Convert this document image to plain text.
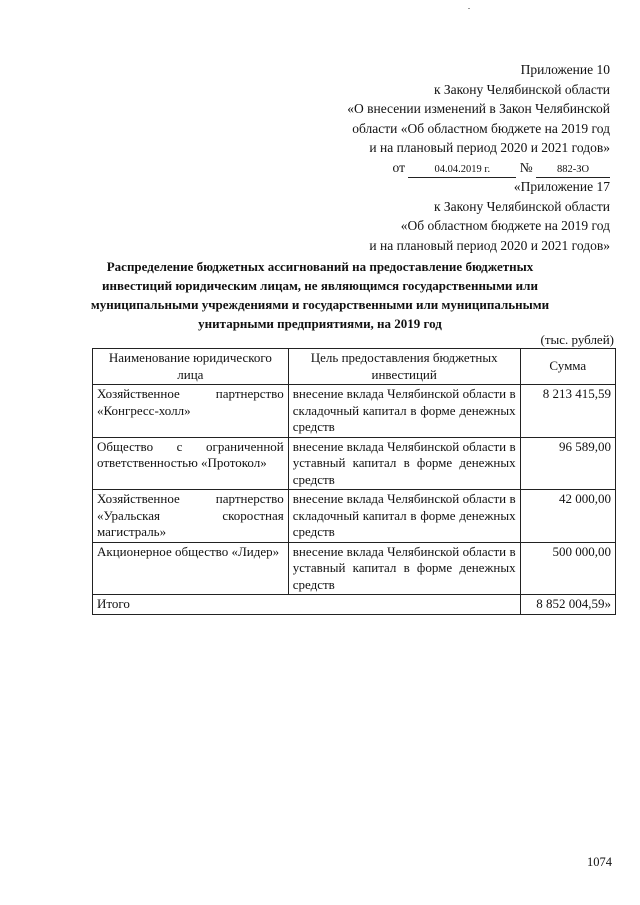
Приложение 10
к Закону Челябинской области
«О внесении изменений в Закон Челябинской
области «Об областном бюджете на 2019 год
и на плановый период 2020 и 2021 годов»
от	04.04.2019 г. № 882-ЗО
«Приложение 17
к Закону Челябинской области
«Об областном бюджете на 2019 год
и на плановый период 2020 и 2021 годов»
Распределение бюджетных ассигнований на предоставление бюджетных инвестиций юридическим лицам, не являющимся государственными или муниципальными учреждениями и государственными или муниципальными унитарными предприятиями, на 2019 год
(тыс. рублей)
Наименование юридического лица	Цель предоставления бюджетных инвестиций	Сумма
Хозяйственное партнерство «Конгресс-холл»	внесение вклада Челябинской области в складочный капитал в форме денежных средств	8 213 415,59
Общество с ограниченной ответственностью «Протокол»	внесение вклада Челябинской области в уставный капитал в форме денежных средств	96 589,00
Хозяйственное партнерство «Уральская скоростная магистраль»	внесение вклада Челябинской области в складочный капитал в форме денежных средств	42 000,00
Акционерное общество «Лидер»	внесение вклада Челябинской области в уставный капитал в форме денежных средств	500 000,00
Итого		8 852 004,59»
1074
